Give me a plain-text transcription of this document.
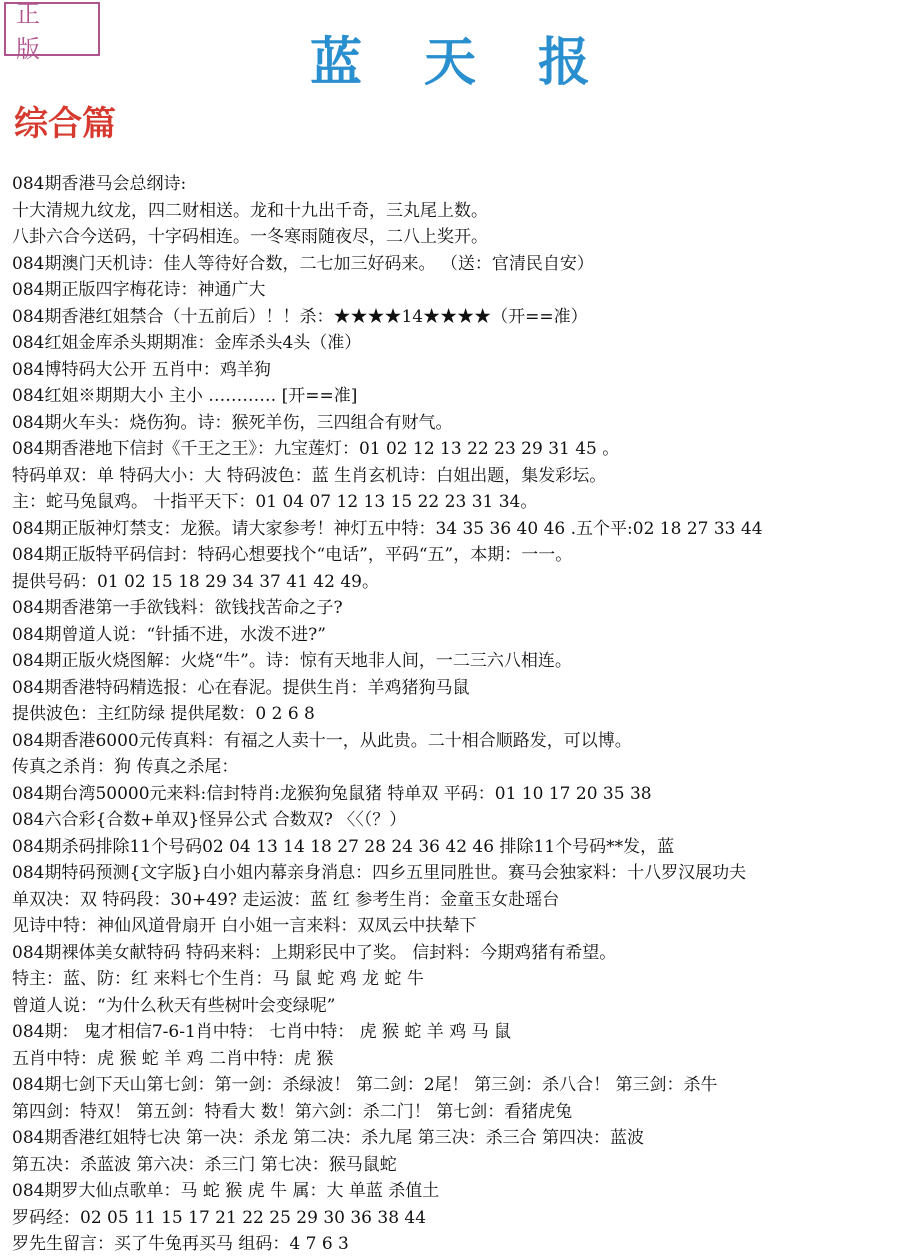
正 版	蓝天报
综合篇
084期香港马会总纲诗:
十大清规九纹龙，四二财相送。龙和十九出千奇，三丸尾上数。
八卦六合今送码，十字码相连。一冬寒雨随夜尽，二八上奖开。
084期澳门天机诗：佳人等待好合数，二七加三好码来。 （送：官清民自安）
084期正版四字梅花诗：神通广大
084期香港红姐禁合（十五前后）！！杀：★★★★14★★★★（开==准）
084红姐金库杀头期期准：金库杀头4头（准）
084博特码大公开 五肖中：鸡羊狗
084红姐※期期大小 主小 ………… [开==准]
084期火车头：烧伤狗。诗：猴死羊伤，三四组合有财气。
084期香港地下信封《千王之王》：九宝莲灯：01 02 12 13 22 23 29 31 45 。
特码单双：单 特码大小：大 特码波色：蓝 生肖玄机诗：白姐出题，集发彩坛。
主：蛇马兔鼠鸡。 十指平天下：01 04 07 12 13 15 22 23 31 34。
084期正版神灯禁支：龙猴。请大家参考！神灯五中特：34 35 36 40 46 .五个平:02 18 27 33 44
084期正版特平码信封：特码心想要找个“电话”，平码“五”，本期：一一。
提供号码：01 02 15 18 29 34 37 41 42 49。
084期香港第一手欲钱料：欲钱找苦命之子?
084期曾道人说：“针插不进，水泼不进?”
084期正版火烧图解：火烧“牛”。诗：惊有天地非人间，一二三六八相连。
084期香港特码精选报：心在春泥。提供生肖：羊鸡猪狗马鼠
提供波色：主红防绿 提供尾数：0 2 6 8
084期香港6000元传真料：有福之人卖十一，从此贵。二十相合顺路发，可以博。
传真之杀肖：狗 传真之杀尾：
084期台湾50000元来料:信封特肖:龙猴狗兔鼠猪 特单双 平码：01 10 17 20 35 38
084六合彩{合数+单双}怪异公式 合数双? 〈〈（？）
084期杀码排除11个号码02 04 13 14 18 27 28 24 36 42 46 排除11个号码**发，蓝
084期特码预测{文字版}白小姐内幕亲身消息：四乡五里同胜世。赛马会独家料：十八罗汉展功夫
单双决：双 特码段：30+49? 走运波：蓝 红 参考生肖：金童玉女赴瑶台
见诗中特：神仙风道骨扇开 白小姐一言来料：双凤云中扶辇下
084期裸体美女献特码 特码来料：上期彩民中了奖。 信封料：今期鸡猪有希望。
特主：蓝、防：红 来料七个生肖：马 鼠 蛇 鸡 龙 蛇 牛
曾道人说：“为什么秋天有些树叶会变绿呢”
084期： 鬼才相信7-6-1肖中特： 七肖中特： 虎 猴 蛇 羊 鸡 马 鼠
五肖中特：虎 猴 蛇 羊 鸡 二肖中特：虎 猴
084期七剑下天山第七剑：第一剑：杀绿波！ 第二剑：2尾！ 第三剑：杀八合！ 第三剑：杀牛
第四剑：特双！ 第五剑：特看大 数！第六剑：杀二门！ 第七剑：看猪虎兔
084期香港红姐特七决 第一决：杀龙 第二决：杀九尾 第三决：杀三合 第四决：蓝波
第五决：杀蓝波 第六决：杀三门 第七决：猴马鼠蛇
084期罗大仙点歌单：马 蛇 猴 虎 牛 属：大 单蓝 杀值土
罗码经：02 05 11 15 17 21 22 25 29 30 36 38 44
罗先生留言：买了牛兔再买马 组码：4 7 6 3
